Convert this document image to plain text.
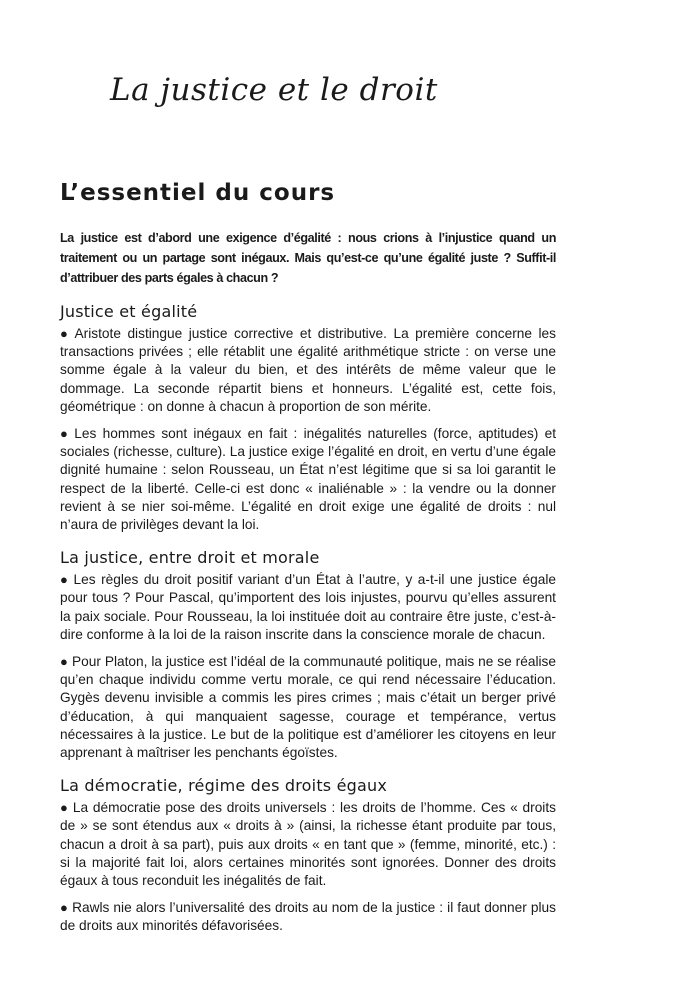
La justice et le droit
L’essentiel du cours

La justice est d’abord une exigence d’égalité : nous crions à l’injustice quand un traitement ou un partage sont inégaux. Mais qu’est-ce qu’une égalité juste ? Suffit-il d’attribuer des parts égales à chacun ?

Justice et égalité

● Aristote distingue justice corrective et distributive. La première concerne les transactions privées ; elle rétablit une égalité arithmétique stricte : on verse une somme égale à la valeur du bien, et des intérêts de même valeur que le dommage. La seconde répartit biens et honneurs. L’égalité est, cette fois, géométrique : on donne à chacun à proportion de son mérite.

● Les hommes sont inégaux en fait : inégalités naturelles (force, aptitudes) et sociales (richesse, culture). La justice exige l’égalité en droit, en vertu d’une égale dignité humaine : selon Rousseau, un État n’est légitime que si sa loi garantit le respect de la liberté. Celle-ci est donc « inaliénable » : la vendre ou la donner revient à se nier soi-même. L’égalité en droit exige une égalité de droits : nul n’aura de privilèges devant la loi.

La justice, entre droit et morale

● Les règles du droit positif variant d’un État à l’autre, y a-t-il une justice égale pour tous ? Pour Pascal, qu’importent des lois injustes, pourvu qu’elles assurent la paix sociale. Pour Rousseau, la loi instituée doit au contraire être juste, c’est-à-dire conforme à la loi de la raison inscrite dans la conscience morale de chacun.

● Pour Platon, la justice est l’idéal de la communauté politique, mais ne se réalise qu’en chaque individu comme vertu morale, ce qui rend nécessaire l’éducation. Gygès devenu invisible a commis les pires crimes ; mais c’était un berger privé d’éducation, à qui manquaient sagesse, courage et tempérance, vertus nécessaires à la justice. Le but de la politique est d’améliorer les citoyens en leur apprenant à maîtriser les penchants égoïstes.

La démocratie, régime des droits égaux

● La démocratie pose des droits universels : les droits de l’homme. Ces « droits de » se sont étendus aux « droits à » (ainsi, la richesse étant produite par tous, chacun a droit à sa part), puis aux droits « en tant que » (femme, minorité, etc.) : si la majorité fait loi, alors certaines minorités sont ignorées. Donner des droits égaux à tous reconduit les inégalités de fait.

● Rawls nie alors l’universalité des droits au nom de la justice : il faut donner plus de droits aux minorités défavorisées.
